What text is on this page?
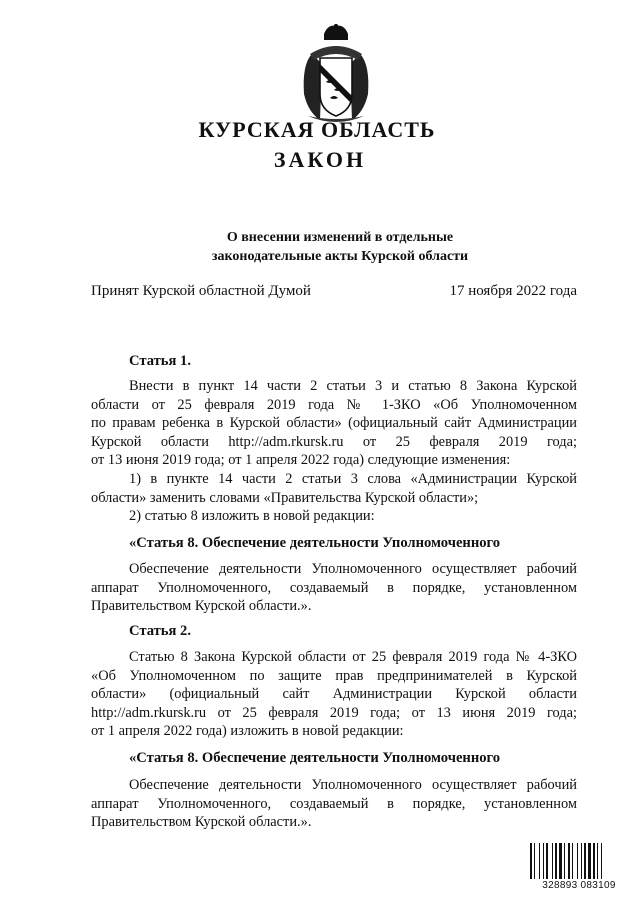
КУРСКАЯ ОБЛАСТЬ
ЗАКОН
О внесении изменений в отдельные
законодательные акты Курской области
Принят Курской областной Думой	17 ноября 2022 года
Статья 1.
Внести в пункт 14 части 2 статьи 3 и статью 8 Закона Курской
области от 25 февраля 2019 года № 1-ЗКО «Об Уполномоченном
по правам ребенка в Курской области» (официальный сайт Администрации
Курской области http://adm.rkursk.ru от 25 февраля 2019 года;
от 13 июня 2019 года; от 1 апреля 2022 года) следующие изменения:
1) в пункте 14 части 2 статьи 3 слова «Администрации Курской
области» заменить словами «Правительства Курской области»;
2) статью 8 изложить в новой редакции:
«Статья 8. Обеспечение деятельности Уполномоченного
Обеспечение деятельности Уполномоченного осуществляет рабочий
аппарат Уполномоченного, создаваемый в порядке, установленном
Правительством Курской области.».
Статья 2.
Статью 8 Закона Курской области от 25 февраля 2019 года № 4-ЗКО
«Об Уполномоченном по защите прав предпринимателей в Курской
области» (официальный сайт Администрации Курской области
http://adm.rkursk.ru от 25 февраля 2019 года; от 13 июня 2019 года;
от 1 апреля 2022 года) изложить в новой редакции:
«Статья 8. Обеспечение деятельности Уполномоченного
Обеспечение деятельности Уполномоченного осуществляет рабочий
аппарат Уполномоченного, создаваемый в порядке, установленном
Правительством Курской области.».
328893 083109
